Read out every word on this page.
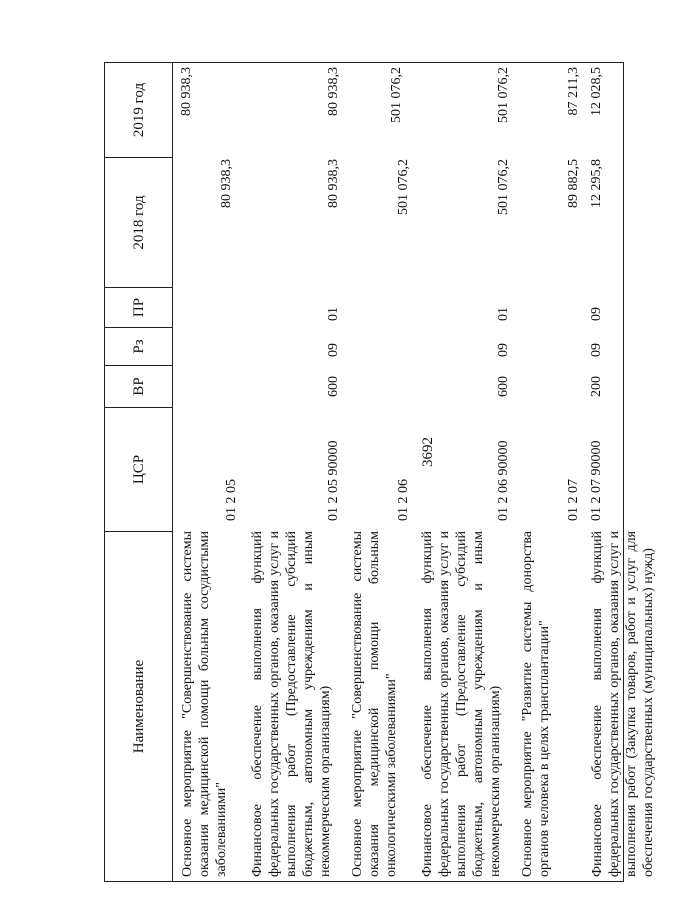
3692
Наименование
ЦСР
ВР
Рз
ПР
2018 год
2019 год
Основное мероприятие "Совершенствование системы оказания медицинской помощи больным сосудистыми заболеваниями"
01 2 05
80 938,3
80 938,3
Финансовое обеспечение выполнения функций федеральных государственных органов, оказания услуг и выполнения работ (Предоставление субсидий бюджетным, автономным учреждениям и иным некоммерческим организациям)
01 2 05 90000
600
09
01
80 938,3
80 938,3
Основное мероприятие "Совершенствование системы оказания медицинской помощи больным онкологическими заболеваниями"
01 2 06
501 076,2
501 076,2
Финансовое обеспечение выполнения функций федеральных государственных органов, оказания услуг и выполнения работ (Предоставление субсидий бюджетным, автономным учреждениям и иным некоммерческим организациям)
01 2 06 90000
600
09
01
501 076,2
501 076,2
Основное мероприятие "Развитие системы донорства органов человека в целях трансплантации"
01 2 07
89 882,5
87 211,3
Финансовое обеспечение выполнения функций федеральных государственных органов, оказания услуг и выполнения работ (Закупка товаров, работ и услуг для обеспечения государственных (муниципальных) нужд)
01 2 07 90000
200
09
09
12 295,8
12 028,5
